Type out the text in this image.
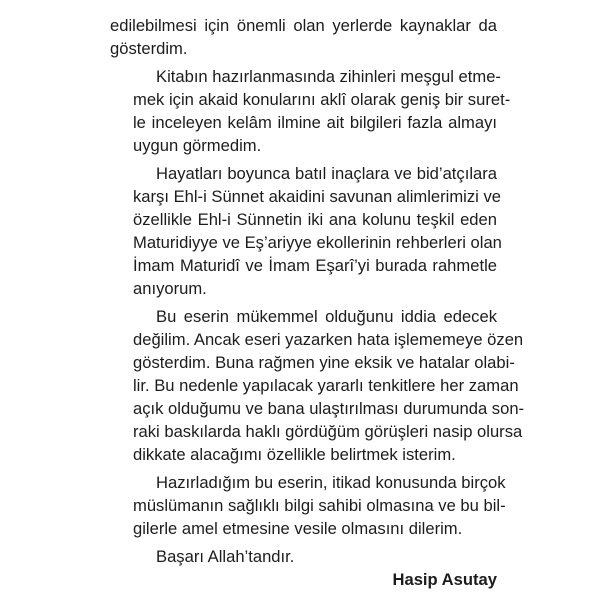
edilebilmesi için önemli olan yerlerde kaynaklar da
gösterdim.
Kitabın hazırlanmasında zihinleri meşgul etme-
mek için akaid konularını aklî olarak geniş bir suret-
le inceleyen kelâm ilmine ait bilgileri fazla almayı
uygun görmedim.
Hayatları boyunca batıl inaçlara ve bid’atçılara
karşı Ehl-i Sünnet akaidini savunan alimlerimizi ve
özellikle Ehl-i Sünnetin iki ana kolunu teşkil eden
Maturidiyye ve Eş’ariyye ekollerinin rehberleri olan
İmam Maturidî ve İmam Eşarî’yi burada rahmetle
anıyorum.
Bu eserin mükemmel olduğunu iddia edecek
değilim. Ancak eseri yazarken hata işlememeye özen
gösterdim. Buna rağmen yine eksik ve hatalar olabi-
lir. Bu nedenle yapılacak yararlı tenkitlere her zaman
açık olduğumu ve bana ulaştırılması durumunda son-
raki baskılarda haklı gördüğüm görüşleri nasip olursa
dikkate alacağımı özellikle belirtmek isterim.
Hazırladığım bu eserin, itikad konusunda birçok
müslümanın sağlıklı bilgi sahibi olmasına ve bu bil-
gilerle amel etmesine vesile olmasını dilerim.
Başarı Allah’tandır.
Hasip Asutay
